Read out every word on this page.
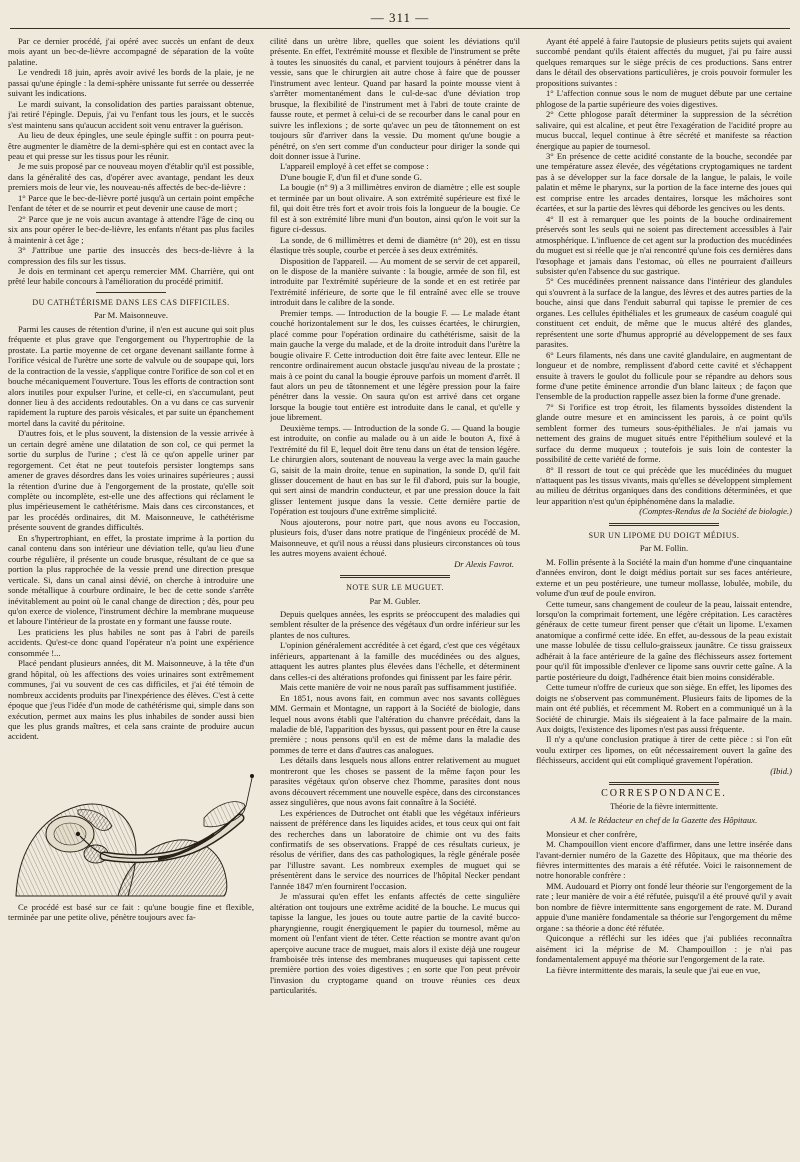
— 311 —

Par ce dernier procédé, j'ai opéré avec succès un enfant de deux mois ayant un bec-de-lièvre accompagné de séparation de la voûte palatine.

Le vendredi 18 juin, après avoir avivé les bords de la plaie, je ne passai qu'une épingle : la demi-sphère unissante fut serrée ou desserrée suivant les indications.

Le mardi suivant, la consolidation des parties paraissant obtenue, j'ai retiré l'épingle. Depuis, j'ai vu l'enfant tous les jours, et le succès s'est maintenu sans qu'aucun accident soit venu entraver la guérison.

Au lieu de deux épingles, une seule épingle suffit : on pourra peut-être augmenter le diamètre de la demi-sphère qui est en contact avec la peau et qui presse sur les tissus pour les réunir.

Je me suis proposé par ce nouveau moyen d'établir qu'il est possible, dans la généralité des cas, d'opérer avec avantage, pendant les deux premiers mois de leur vie, les nouveau-nés affectés de bec-de-lièvre :

1° Parce que le bec-de-lièvre porté jusqu'à un certain point empêche l'enfant de téter et de se nourrir et peut devenir une cause de mort ;

2° Parce que je ne vois aucun avantage à attendre l'âge de cinq ou six ans pour opérer le bec-de-lièvre, les enfants n'étant pas plus faciles à maintenir à cet âge ;

3° J'attribue une partie des insuccès des becs-de-lièvre à la compression des fils sur les tissus.

Je dois en terminant cet aperçu remercier MM. Charrière, qui ont prêté leur habile concours à l'amélioration du procédé primitif.

DU CATHÉTÉRISME DANS LES CAS DIFFICILES.
Par M. Maisonneuve.

Parmi les causes de rétention d'urine, il n'en est aucune qui soit plus fréquente et plus grave que l'engorgement ou l'hypertrophie de la prostate. La partie moyenne de cet organe devenant saillante forme à l'orifice vésical de l'urètre une sorte de valvule ou de soupape qui, lors de la contraction de la vessie, s'applique contre l'orifice de son col et en bouche mécaniquement l'ouverture. Tous les efforts de contraction sont alors inutiles pour expulser l'urine, et celle-ci, en s'accumulant, peut donner lieu à des accidents redoutables. On a vu dans ce cas survenir rapidement la rupture des parois vésicales, et par suite un épanchement mortel dans la cavité du péritoine.

D'autres fois, et le plus souvent, la distension de la vessie arrivée à un certain degré amène une dilatation de son col, ce qui permet la sortie du surplus de l'urine ; c'est là ce qu'on appelle uriner par regorgement. Cet état ne peut toutefois persister longtemps sans amener de graves désordres dans les voies urinaires supérieures ; aussi la rétention d'urine due à l'engorgement de la prostate, qu'elle soit complète ou incomplète, est-elle une des affections qui réclament le plus impérieusement le cathétérisme. Mais dans ces circonstances, et par les procédés ordinaires, dit M. Maisonneuve, le cathétérisme présente souvent de grandes difficultés.

En s'hypertrophiant, en effet, la prostate imprime à la portion du canal contenu dans son intérieur une déviation telle, qu'au lieu d'une courbe régulière, il présente un coude brusque, résultant de ce que sa portion la plus rapprochée de la vessie prend une direction presque verticale. Si, dans un canal ainsi dévié, on cherche à introduire une sonde métallique à courbure ordinaire, le bec de cette sonde s'arrête inévitablement au point où le canal change de direction ; dès, pour peu qu'on exerce de violence, l'instrument déchire la membrane muqueuse et laboure l'intérieur de la prostate en y formant une fausse route.

Les praticiens les plus habiles ne sont pas à l'abri de pareils accidents. Qu'est-ce donc quand l'opérateur n'a point une expérience consommée !...

Placé pendant plusieurs années, dit M. Maisonneuve, à la tête d'un grand hôpital, où les affections des voies urinaires sont extrêmement communes, j'ai vu souvent de ces cas difficiles, et j'ai été témoin de nombreux accidents produits par l'inexpérience des élèves. C'est à cette époque que j'eus l'idée d'un mode de cathétérisme qui, simple dans son exécution, permet aux mains les plus inhabiles de sonder aussi bien que les plus grands maîtres, et cela sans crainte de produire aucun accident.

Ce procédé est basé sur ce fait : qu'une bougie fine et flexible, terminée par une petite olive, pénètre toujours avec fa-

cilité dans un urètre libre, quelles que soient les déviations qu'il présente. En effet, l'extrémité mousse et flexible de l'instrument se prête à toutes les sinuosités du canal, et parvient toujours à pénétrer dans la vessie, sans que le chirurgien ait autre chose à faire que de pousser l'instrument avec lenteur. Quand par hasard la pointe mousse vient à s'arrêter momentanément dans le cul-de-sac d'une déviation trop brusque, la flexibilité de l'instrument met à l'abri de toute crainte de fausse route, et permet à celui-ci de se recourber dans le canal pour en suivre les inflexions ; de sorte qu'avec un peu de tâtonnement on est toujours sûr d'arriver dans la vessie. Du moment qu'une bougie a pénétré, on s'en sert comme d'un conducteur pour diriger la sonde qui doit donner issue à l'urine.

L'appareil employé à cet effet se compose :

D'une bougie F, d'un fil et d'une sonde G.

La bougie (n° 9) a 3 millimètres environ de diamètre ; elle est souple et terminée par un bout olivaire. A son extrémité supérieure est fixé le fil, qui doit être très fort et avoir trois fois la longueur de la bougie. Ce fil est à son extrémité libre muni d'un bouton, ainsi qu'on le voit sur la figure ci-dessus.

La sonde, de 6 millimètres et demi de diamètre (n° 20), est en tissu élastique très souple, courbe et percée à ses deux extrémités.

Disposition de l'appareil. — Au moment de se servir de cet appareil, on le dispose de la manière suivante : la bougie, armée de son fil, est introduite par l'extrémité supérieure de la sonde et en est retirée par l'extrémité inférieure, de sorte que le fil entraîné avec elle se trouve introduit dans le calibre de la sonde.

Premier temps. — Introduction de la bougie F. — Le malade étant couché horizontalement sur le dos, les cuisses écartées, le chirurgien, placé comme pour l'opération ordinaire du cathétérisme, saisit de la main gauche la verge du malade, et de la droite introduit dans l'urètre la bougie olivaire F. Cette introduction doit être faite avec lenteur. Elle ne rencontre ordinairement aucun obstacle jusqu'au niveau de la prostate ; mais à ce point du canal la bougie éprouve parfois un moment d'arrêt. Il faut alors un peu de tâtonnement et une légère pression pour la faire pénétrer dans la vessie. On saura qu'on est arrivé dans cet organe lorsque la bougie tout entière est introduite dans le canal, et qu'elle y joue librement.

Deuxième temps. — Introduction de la sonde G. — Quand la bougie est introduite, on confie au malade ou à un aide le bouton A, fixé à l'extrémité du fil E, lequel doit être tenu dans un état de tension légère. Le chirurgien alors, soutenant de nouveau la verge avec la main gauche G, saisit de la main droite, tenue en supination, la sonde D, qu'il fait glisser doucement de haut en bas sur le fil d'abord, puis sur la bougie, qui sert ainsi de mandrin conducteur, et par une pression douce la fait glisser lentement jusque dans la vessie. Cette dernière partie de l'opération est toujours d'une extrême simplicité.

Nous ajouterons, pour notre part, que nous avons eu l'occasion, plusieurs fois, d'user dans notre pratique de l'ingénieux procédé de M. Maisonneuve, et qu'il nous a réussi dans plusieurs circonstances où tous les autres moyens avaient échoué.

Dr Alexis Favrot.
NOTE SUR LE MUGUET.
Par M. Gubler.

Depuis quelques années, les esprits se préoccupent des maladies qui semblent résulter de la présence des végétaux d'un ordre inférieur sur les plantes de nos cultures.

L'opinion généralement accréditée à cet égard, c'est que ces végétaux inférieurs, appartenant à la famille des mucédinées ou des algues, attaquent les autres plantes plus élevées dans l'échelle, et déterminent dans celles-ci des altérations profondes qui finissent par les faire périr.

Mais cette manière de voir ne nous paraît pas suffisamment justifiée.

En 1851, nous avons fait, en commun avec nos savants collègues MM. Germain et Montagne, un rapport à la Société de biologie, dans lequel nous avons établi que l'altération du chanvre précédait, dans la maladie de blé, l'apparition des byssus, qui passent pour en être la cause première ; nous pensons qu'il en est de même dans la maladie des pommes de terre et dans d'autres cas analogues.

Les détails dans lesquels nous allons entrer relativement au muguet montreront que les choses se passent de la même façon pour les parasites végétaux qu'on observe chez l'homme, parasites dont nous avons découvert récemment une nouvelle espèce, dans des circonstances assez singulières, que nous avons fait connaître à la Société.

Les expériences de Dutrochet ont établi que les végétaux inférieurs naissent de préférence dans les liquides acides, et tous ceux qui ont fait des recherches dans un laboratoire de chimie ont vu des faits confirmatifs de ses observations. Frappé de ces résultats curieux, je résolus de vérifier, dans des cas pathologiques, la règle générale posée par l'illustre savant. Les nombreux exemples de muguet qui se présentèrent dans le service des nourrices de l'hôpital Necker pendant l'année 1847 m'en fournirent l'occasion.

Je m'assurai qu'en effet les enfants affectés de cette singulière altération ont toujours une extrême acidité de la bouche. Le mucus qui tapisse la langue, les joues ou toute autre partie de la cavité bucco-pharyngienne, rougit énergiquement le papier du tournesol, même au moment où l'enfant vient de téter. Cette réaction se montre avant qu'on aperçoive aucune trace de muguet, mais alors il existe déjà une rougeur framboisée très intense des membranes muqueuses qui tapissent cette première portion des voies digestives ; en sorte que l'on peut prévoir l'invasion du cryptogame quand on trouve réunies ces deux particularités.

Ayant été appelé à faire l'autopsie de plusieurs petits sujets qui avaient succombé pendant qu'ils étaient affectés du muguet, j'ai pu faire aussi quelques remarques sur le siège précis de ces productions. Sans entrer dans le détail des observations particulières, je crois pouvoir formuler les propositions suivantes :

1° L'affection connue sous le nom de muguet débute par une certaine phlogose de la partie supérieure des voies digestives.

2° Cette phlogose paraît déterminer la suppression de la sécrétion salivaire, qui est alcaline, et peut être l'exagération de l'acidité propre au mucus buccal, lequel continue à être sécrété et manifeste sa réaction énergique au papier de tournesol.

3° En présence de cette acidité constante de la bouche, secondée par une température assez élevée, des végétations cryptogamiques ne tardent pas à se développer sur la face dorsale de la langue, le palais, le voile palatin et même le pharynx, sur la portion de la face interne des joues qui est comprise entre les arcades dentaires, lorsque les mâchoires sont écartées, et sur la partie des lèvres qui déborde les gencives ou les dents.

4° Il est à remarquer que les points de la bouche ordinairement préservés sont les seuls qui ne soient pas directement accessibles à l'air atmosphérique. L'influence de cet agent sur la production des mucédinées du muguet est si réelle que je n'ai rencontré qu'une fois ces dernières dans l'œsophage et jamais dans l'estomac, où elles ne pourraient d'ailleurs subsister qu'en l'absence du suc gastrique.

5° Ces mucédinées prennent naissance dans l'intérieur des glandules qui s'ouvrent à la surface de la langue, des lèvres et des autres parties de la bouche, ainsi que dans l'enduit saburral qui tapisse le premier de ces organes. Les cellules épithéliales et les grumeaux de caséum coagulé qui constituent cet enduit, de même que le mucus altéré des glandes, représentent une sorte d'humus approprié au développement de ses faux parasites.

6° Leurs filaments, nés dans une cavité glandulaire, en augmentant de longueur et de nombre, remplissent d'abord cette cavité et s'échappent ensuite à travers le goulot du follicule pour se répandre au dehors sous forme d'une petite éminence arrondie d'un blanc laiteux ; de façon que l'ensemble de la production rappelle assez bien la forme d'une grenade.

7° Si l'orifice est trop étroit, les filaments byssoïdes distendent la glande outre mesure et en amincissent les parois, à ce point qu'ils semblent former des tumeurs sous-épithéliales. Je n'ai jamais vu nettement des grains de muguet situés entre l'épithélium soulevé et la surface du derme muqueux ; toutefois je suis loin de contester la possibilité de cette variété de forme.

8° Il ressort de tout ce qui précède que les mucédinées du muguet n'attaquent pas les tissus vivants, mais qu'elles se développent simplement au milieu de détritus organiques dans des conditions déterminées, et que leur apparition n'est qu'un épiphénomène dans la maladie.

(Comptes-Rendus de la Société de biologie.)
SUR UN LIPOME DU DOIGT MÉDIUS.
Par M. Follin.

M. Follin présente à la Société la main d'un homme d'une cinquantaine d'années environ, dont le doigt médius portait sur ses faces antérieure, externe et un peu postérieure, une tumeur mollasse, lobulée, mobile, du volume d'un œuf de poule environ.

Cette tumeur, sans changement de couleur de la peau, laissait entendre, lorsqu'on la comprimait fortement, une légère crépitation. Les caractères généraux de cette tumeur firent penser que c'était un lipome. L'examen anatomique a confirmé cette idée. En effet, au-dessous de la peau existait une masse lobulée de tissu cellulo-graisseux jaunâtre. Ce tissu graisseux adhérait à la face antérieure de la gaîne des fléchisseurs assez fortement pour qu'il fût impossible d'enlever ce lipome sans ouvrir cette gaîne. A la partie postérieure du doigt, l'adhérence était bien moins considérable.

Cette tumeur n'offre de curieux que son siège. En effet, les lipomes des doigts ne s'observent pas communément. Plusieurs faits de lipomes de la main ont été publiés, et récemment M. Robert en a communiqué un à la Société de chirurgie. Mais ils siégeaient à la face palmaire de la main. Aux doigts, l'existence des lipomes n'est pas aussi fréquente.

Il n'y a qu'une conclusion pratique à tirer de cette pièce : si l'on eût voulu extirper ces lipomes, on eût nécessairement ouvert la gaîne des fléchisseurs, accident qui eût compliqué gravement l'opération.

(Ibid.)
CORRESPONDANCE.
Théorie de la fièvre intermittente.
A M. le Rédacteur en chef de la Gazette des Hôpitaux.

Monsieur et cher confrère,

M. Champouillon vient encore d'affirmer, dans une lettre insérée dans l'avant-dernier numéro de la Gazette des Hôpitaux, que ma théorie des fièvres intermittentes des marais a été réfutée. Voici le raisonnement de notre honorable confrère :

MM. Audouard et Piorry ont fondé leur théorie sur l'engorgement de la rate ; leur manière de voir a été réfutée, puisqu'il a été prouvé qu'il y avait bon nombre de fièvre intermittente sans engorgement de rate. M. Durand appuie d'une manière fondamentale sa théorie sur l'engorgement du même organe : sa théorie a donc été réfutée.

Quiconque a réfléchi sur les idées que j'ai publiées reconnaîtra aisément ici la méprise de M. Champouillon : je n'ai pas fondamentalement appuyé ma théorie sur l'engorgement de la rate.

La fièvre intermittente des marais, la seule que j'ai eue en vue,
